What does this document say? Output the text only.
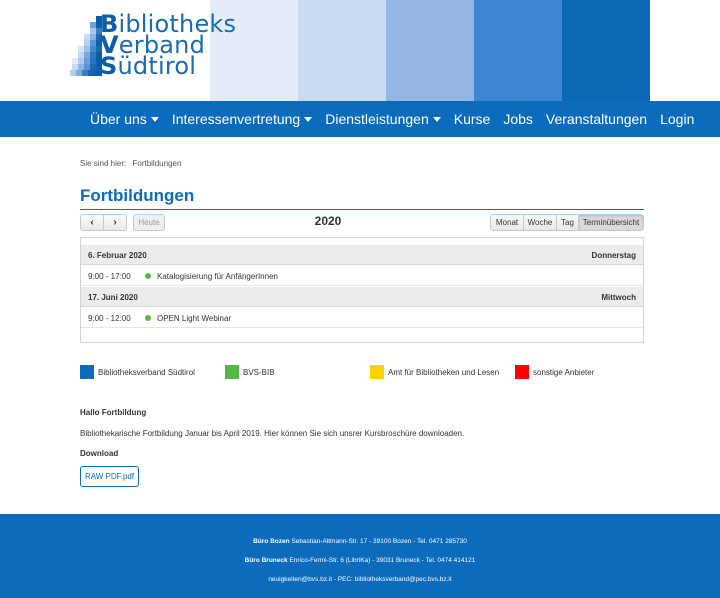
Bibliotheks
Verband
Südtirol
Über uns Interessenvertretung Dienstleistungen Kurse Jobs Veranstaltungen Login
Sie sind hier: Fortbildungen
Fortbildungen
‹ ›	Heute	2020	Monat	Woche	Tag	Terminübersicht
6. Februar 2020	Donnerstag
9:00 - 17:00	Katalogisierung für AnfängerInnen
17. Juni 2020	Mittwoch
9:00 - 12:00	OPEN Light Webinar
Bibliotheksverband Südtirol	BVS-BIB	Amt für Bibliotheken und Lesen	sonstige Anbieter
Hallo Fortbildung
Bibliothekarische Fortbildung Januar bis April 2019. Hier können Sie sich unsrer Kursbroschüre downloaden.
Download
RAW PDF.pdf
Büro Bozen Sebastian-Altmann-Str. 17 - 39100 Bozen - Tel. 0471 285730
Büro Bruneck Enrico-Fermi-Str. 6 (LibriKa) - 39031 Bruneck - Tel. 0474 414121
neuigkeiten@bvs.bz.it - PEC: bibliotheksverband@pec.bvs.bz.it
